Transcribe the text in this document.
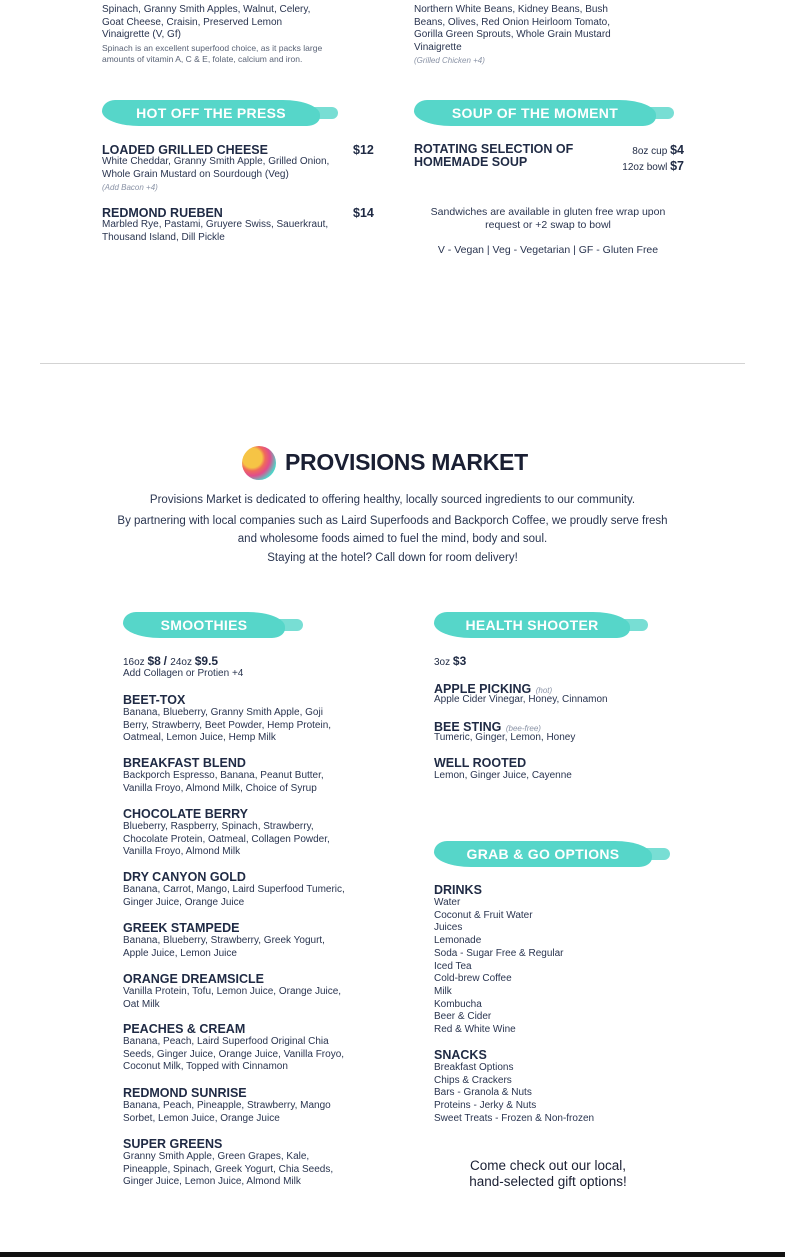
Spinach, Granny Smith Apples, Walnut, Celery, Goat Cheese, Craisin, Preserved Lemon Vinaigrette (V, Gf)
Spinach is an excellent superfood choice, as it packs large amounts of vitamin A, C & E, folate, calcium and iron.
Northern White Beans, Kidney Beans, Bush Beans, Olives, Red Onion Heirloom Tomato, Gorilla Green Sprouts, Whole Grain Mustard Vinaigrette
(Grilled Chicken +4)
HOT OFF THE PRESS
LOADED GRILLED CHEESE	$12
White Cheddar, Granny Smith Apple, Grilled Onion, Whole Grain Mustard on Sourdough (Veg)
(Add Bacon +4)
REDMOND RUEBEN	$14
Marbled Rye, Pastami, Gruyere Swiss, Sauerkraut, Thousand Island, Dill Pickle
SOUP OF THE MOMENT
ROTATING SELECTION OF HOMEMADE SOUP
8oz cup $4
12oz bowl $7
Sandwiches are available in gluten free wrap upon request or +2 swap to bowl
V - Vegan | Veg - Vegetarian | GF - Gluten Free
PROVISIONS MARKET
Provisions Market is dedicated to offering healthy, locally sourced ingredients to our community.
By partnering with local companies such as Laird Superfoods and Backporch Coffee, we proudly serve fresh and wholesome foods aimed to fuel the mind, body and soul.
Staying at the hotel? Call down for room delivery!
SMOOTHIES
16oz $8 / 24oz $9.5
Add Collagen or Protien +4
BEET-TOX
Banana, Blueberry, Granny Smith Apple, Goji Berry, Strawberry, Beet Powder, Hemp Protein, Oatmeal, Lemon Juice, Hemp Milk
BREAKFAST BLEND
Backporch Espresso, Banana, Peanut Butter, Vanilla Froyo, Almond Milk, Choice of Syrup
CHOCOLATE BERRY
Blueberry, Raspberry, Spinach, Strawberry, Chocolate Protein, Oatmeal, Collagen Powder, Vanilla Froyo, Almond Milk
DRY CANYON GOLD
Banana, Carrot, Mango, Laird Superfood Tumeric, Ginger Juice, Orange Juice
GREEK STAMPEDE
Banana, Blueberry, Strawberry, Greek Yogurt, Apple Juice, Lemon Juice
ORANGE DREAMSICLE
Vanilla Protein, Tofu, Lemon Juice, Orange Juice, Oat Milk
PEACHES & CREAM
Banana, Peach, Laird Superfood Original Chia Seeds, Ginger Juice, Orange Juice, Vanilla Froyo, Coconut Milk, Topped with Cinnamon
REDMOND SUNRISE
Banana, Peach, Pineapple, Strawberry, Mango Sorbet, Lemon Juice, Orange Juice
SUPER GREENS
Granny Smith Apple, Green Grapes, Kale, Pineapple, Spinach, Greek Yogurt, Chia Seeds, Ginger Juice, Lemon Juice, Almond Milk
HEALTH SHOOTER
3oz $3
APPLE PICKING (hot)
Apple Cider Vinegar, Honey, Cinnamon
BEE STING (bee-free)
Tumeric, Ginger, Lemon, Honey
WELL ROOTED
Lemon, Ginger Juice, Cayenne
GRAB & GO OPTIONS
DRINKS
Water
Coconut & Fruit Water
Juices
Lemonade
Soda - Sugar Free & Regular
Iced Tea
Cold-brew Coffee
Milk
Kombucha
Beer & Cider
Red & White Wine
SNACKS
Breakfast Options
Chips & Crackers
Bars - Granola & Nuts
Proteins - Jerky & Nuts
Sweet Treats - Frozen & Non-frozen
Come check out our local,
hand-selected gift options!
